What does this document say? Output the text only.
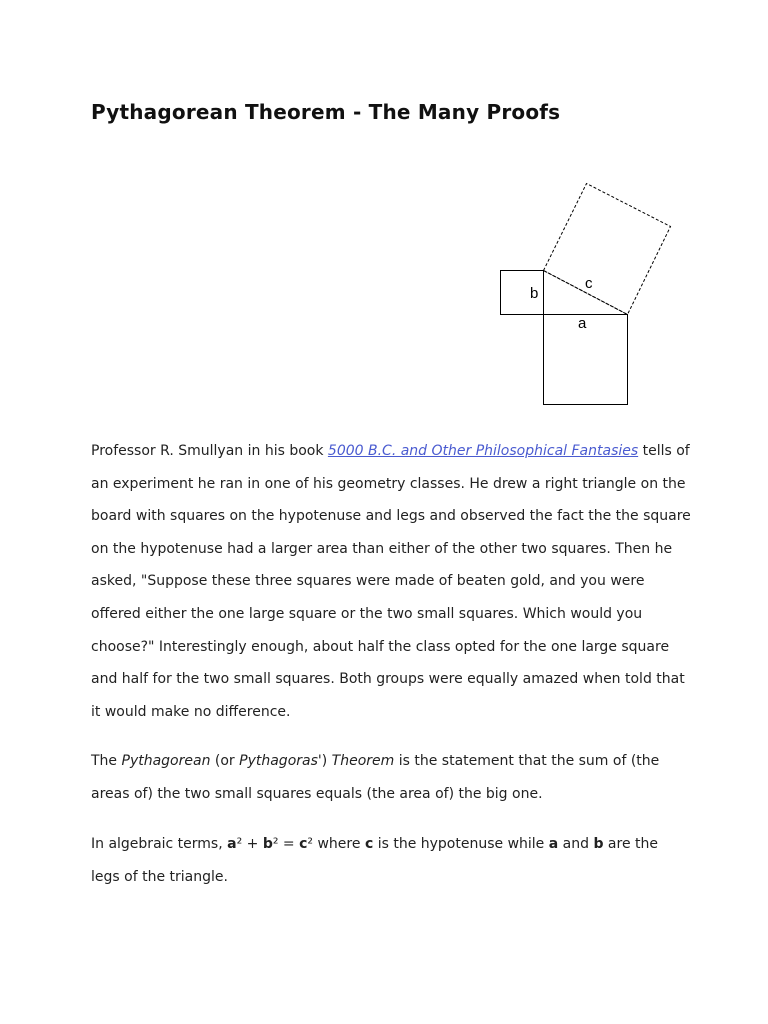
Pythagorean Theorem - The Many Proofs
b
c
a

Professor R. Smullyan in his book 5000 B.C. and Other Philosophical Fantasies tells of an experiment he ran in one of his geometry classes. He drew a right triangle on the board with squares on the hypotenuse and legs and observed the fact the the square on the hypotenuse had a larger area than either of the other two squares. Then he asked, "Suppose these three squares were made of beaten gold, and you were offered either the one large square or the two small squares. Which would you choose?" Interestingly enough, about half the class opted for the one large square and half for the two small squares. Both groups were equally amazed when told that it would make no difference.

The Pythagorean (or Pythagoras') Theorem is the statement that the sum of (the areas of) the two small squares equals (the area of) the big one.

In algebraic terms, a² + b² = c² where c is the hypotenuse while a and b are the legs of the triangle.
